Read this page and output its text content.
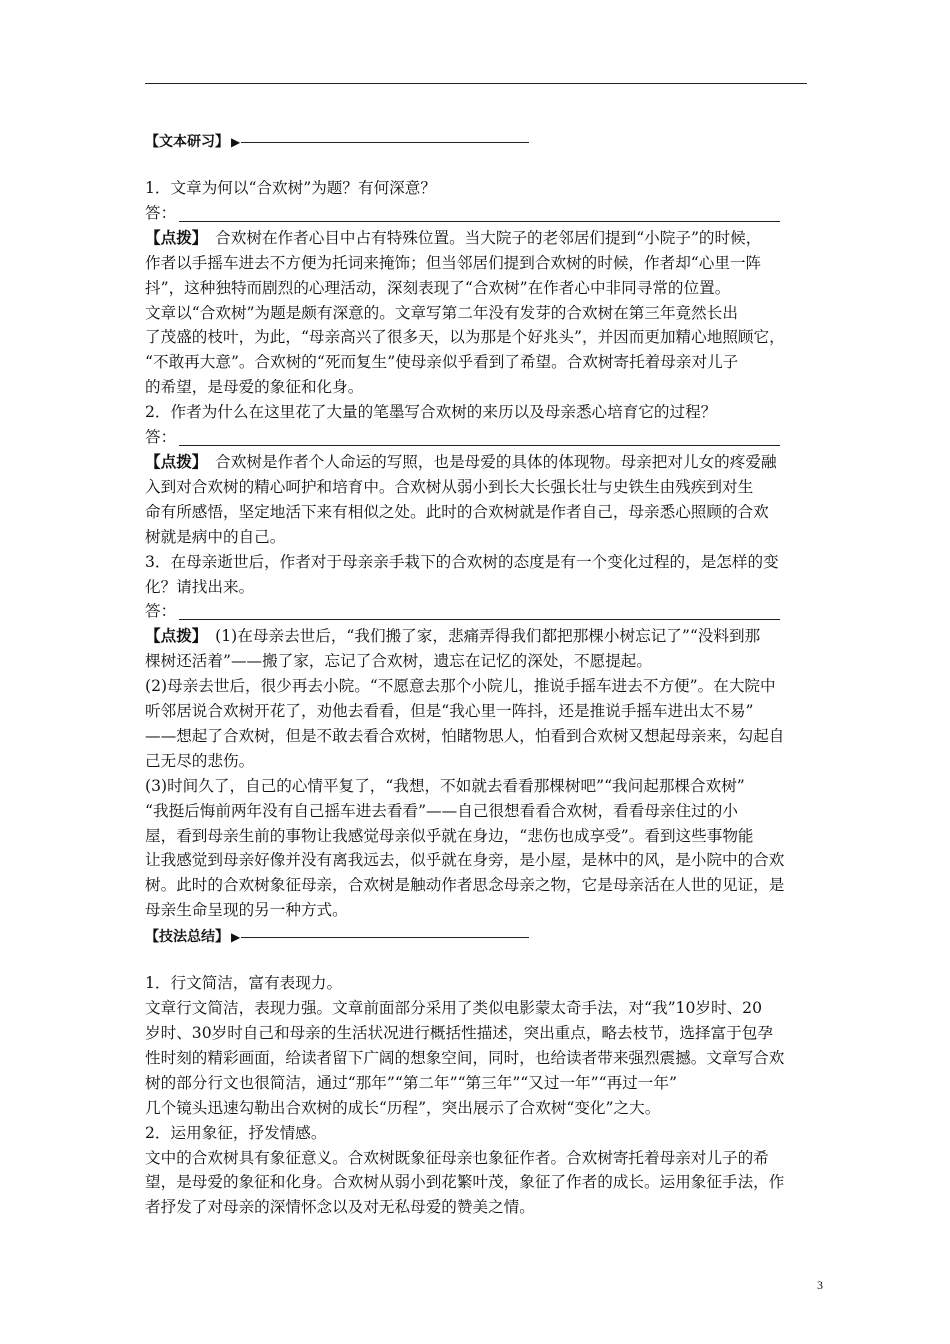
【文本研习】 ▶

1．文章为何以“合欢树”为题？有何深意？

答：

【点拨】　合欢树在作者心目中占有特殊位置。当大院子的老邻居们提到“小院子”的时候，

作者以手摇车进去不方便为托词来掩饰；但当邻居们提到合欢树的时候，作者却“心里一阵

抖”，这种独特而剧烈的心理活动，深刻表现了“合欢树”在作者心中非同寻常的位置。

文章以“合欢树”为题是颇有深意的。文章写第二年没有发芽的合欢树在第三年竟然长出

了茂盛的枝叶，为此，“母亲高兴了很多天，以为那是个好兆头”，并因而更加精心地照顾它，

“不敢再大意”。合欢树的“死而复生”使母亲似乎看到了希望。合欢树寄托着母亲对儿子

的希望，是母爱的象征和化身。

2．作者为什么在这里花了大量的笔墨写合欢树的来历以及母亲悉心培育它的过程？

答：

【点拨】　合欢树是作者个人命运的写照，也是母爱的具体的体现物。母亲把对儿女的疼爱融

入到对合欢树的精心呵护和培育中。合欢树从弱小到长大长强长壮与史铁生由残疾到对生

命有所感悟，坚定地活下来有相似之处。此时的合欢树就是作者自己，母亲悉心照顾的合欢

树就是病中的自己。

3．在母亲逝世后，作者对于母亲亲手栽下的合欢树的态度是有一个变化过程的，是怎样的变

化？请找出来。

答：

【点拨】　(1)在母亲去世后，“我们搬了家，悲痛弄得我们都把那棵小树忘记了”“没料到那

棵树还活着”——搬了家，忘记了合欢树，遗忘在记忆的深处，不愿提起。

(2)母亲去世后，很少再去小院。“不愿意去那个小院儿，推说手摇车进去不方便”。在大院中

听邻居说合欢树开花了，劝他去看看，但是“我心里一阵抖，还是推说手摇车进出太不易”

——想起了合欢树，但是不敢去看合欢树，怕睹物思人，怕看到合欢树又想起母亲来，勾起自

己无尽的悲伤。

(3)时间久了，自己的心情平复了，“我想，不如就去看看那棵树吧”“我问起那棵合欢树”

“我挺后悔前两年没有自己摇车进去看看”——自己很想看看合欢树，看看母亲住过的小

屋，看到母亲生前的事物让我感觉母亲似乎就在身边，“悲伤也成享受”。看到这些事物能

让我感觉到母亲好像并没有离我远去，似乎就在身旁，是小屋，是林中的风，是小院中的合欢

树。此时的合欢树象征母亲，合欢树是触动作者思念母亲之物，它是母亲活在人世的见证，是

母亲生命呈现的另一种方式。

【技法总结】 ▶

1．行文简洁，富有表现力。

文章行文简洁，表现力强。文章前面部分采用了类似电影蒙太奇手法，对“我”10岁时、20

岁时、30岁时自己和母亲的生活状况进行概括性描述，突出重点，略去枝节，选择富于包孕

性时刻的精彩画面，给读者留下广阔的想象空间，同时，也给读者带来强烈震撼。文章写合欢

树的部分行文也很简洁，通过“那年”“第二年”“第三年”“又过一年”“再过一年”

几个镜头迅速勾勒出合欢树的成长“历程”，突出展示了合欢树“变化”之大。

2．运用象征，抒发情感。

文中的合欢树具有象征意义。合欢树既象征母亲也象征作者。合欢树寄托着母亲对儿子的希

望，是母爱的象征和化身。合欢树从弱小到花繁叶茂，象征了作者的成长。运用象征手法，作

者抒发了对母亲的深情怀念以及对无私母爱的赞美之情。

3
